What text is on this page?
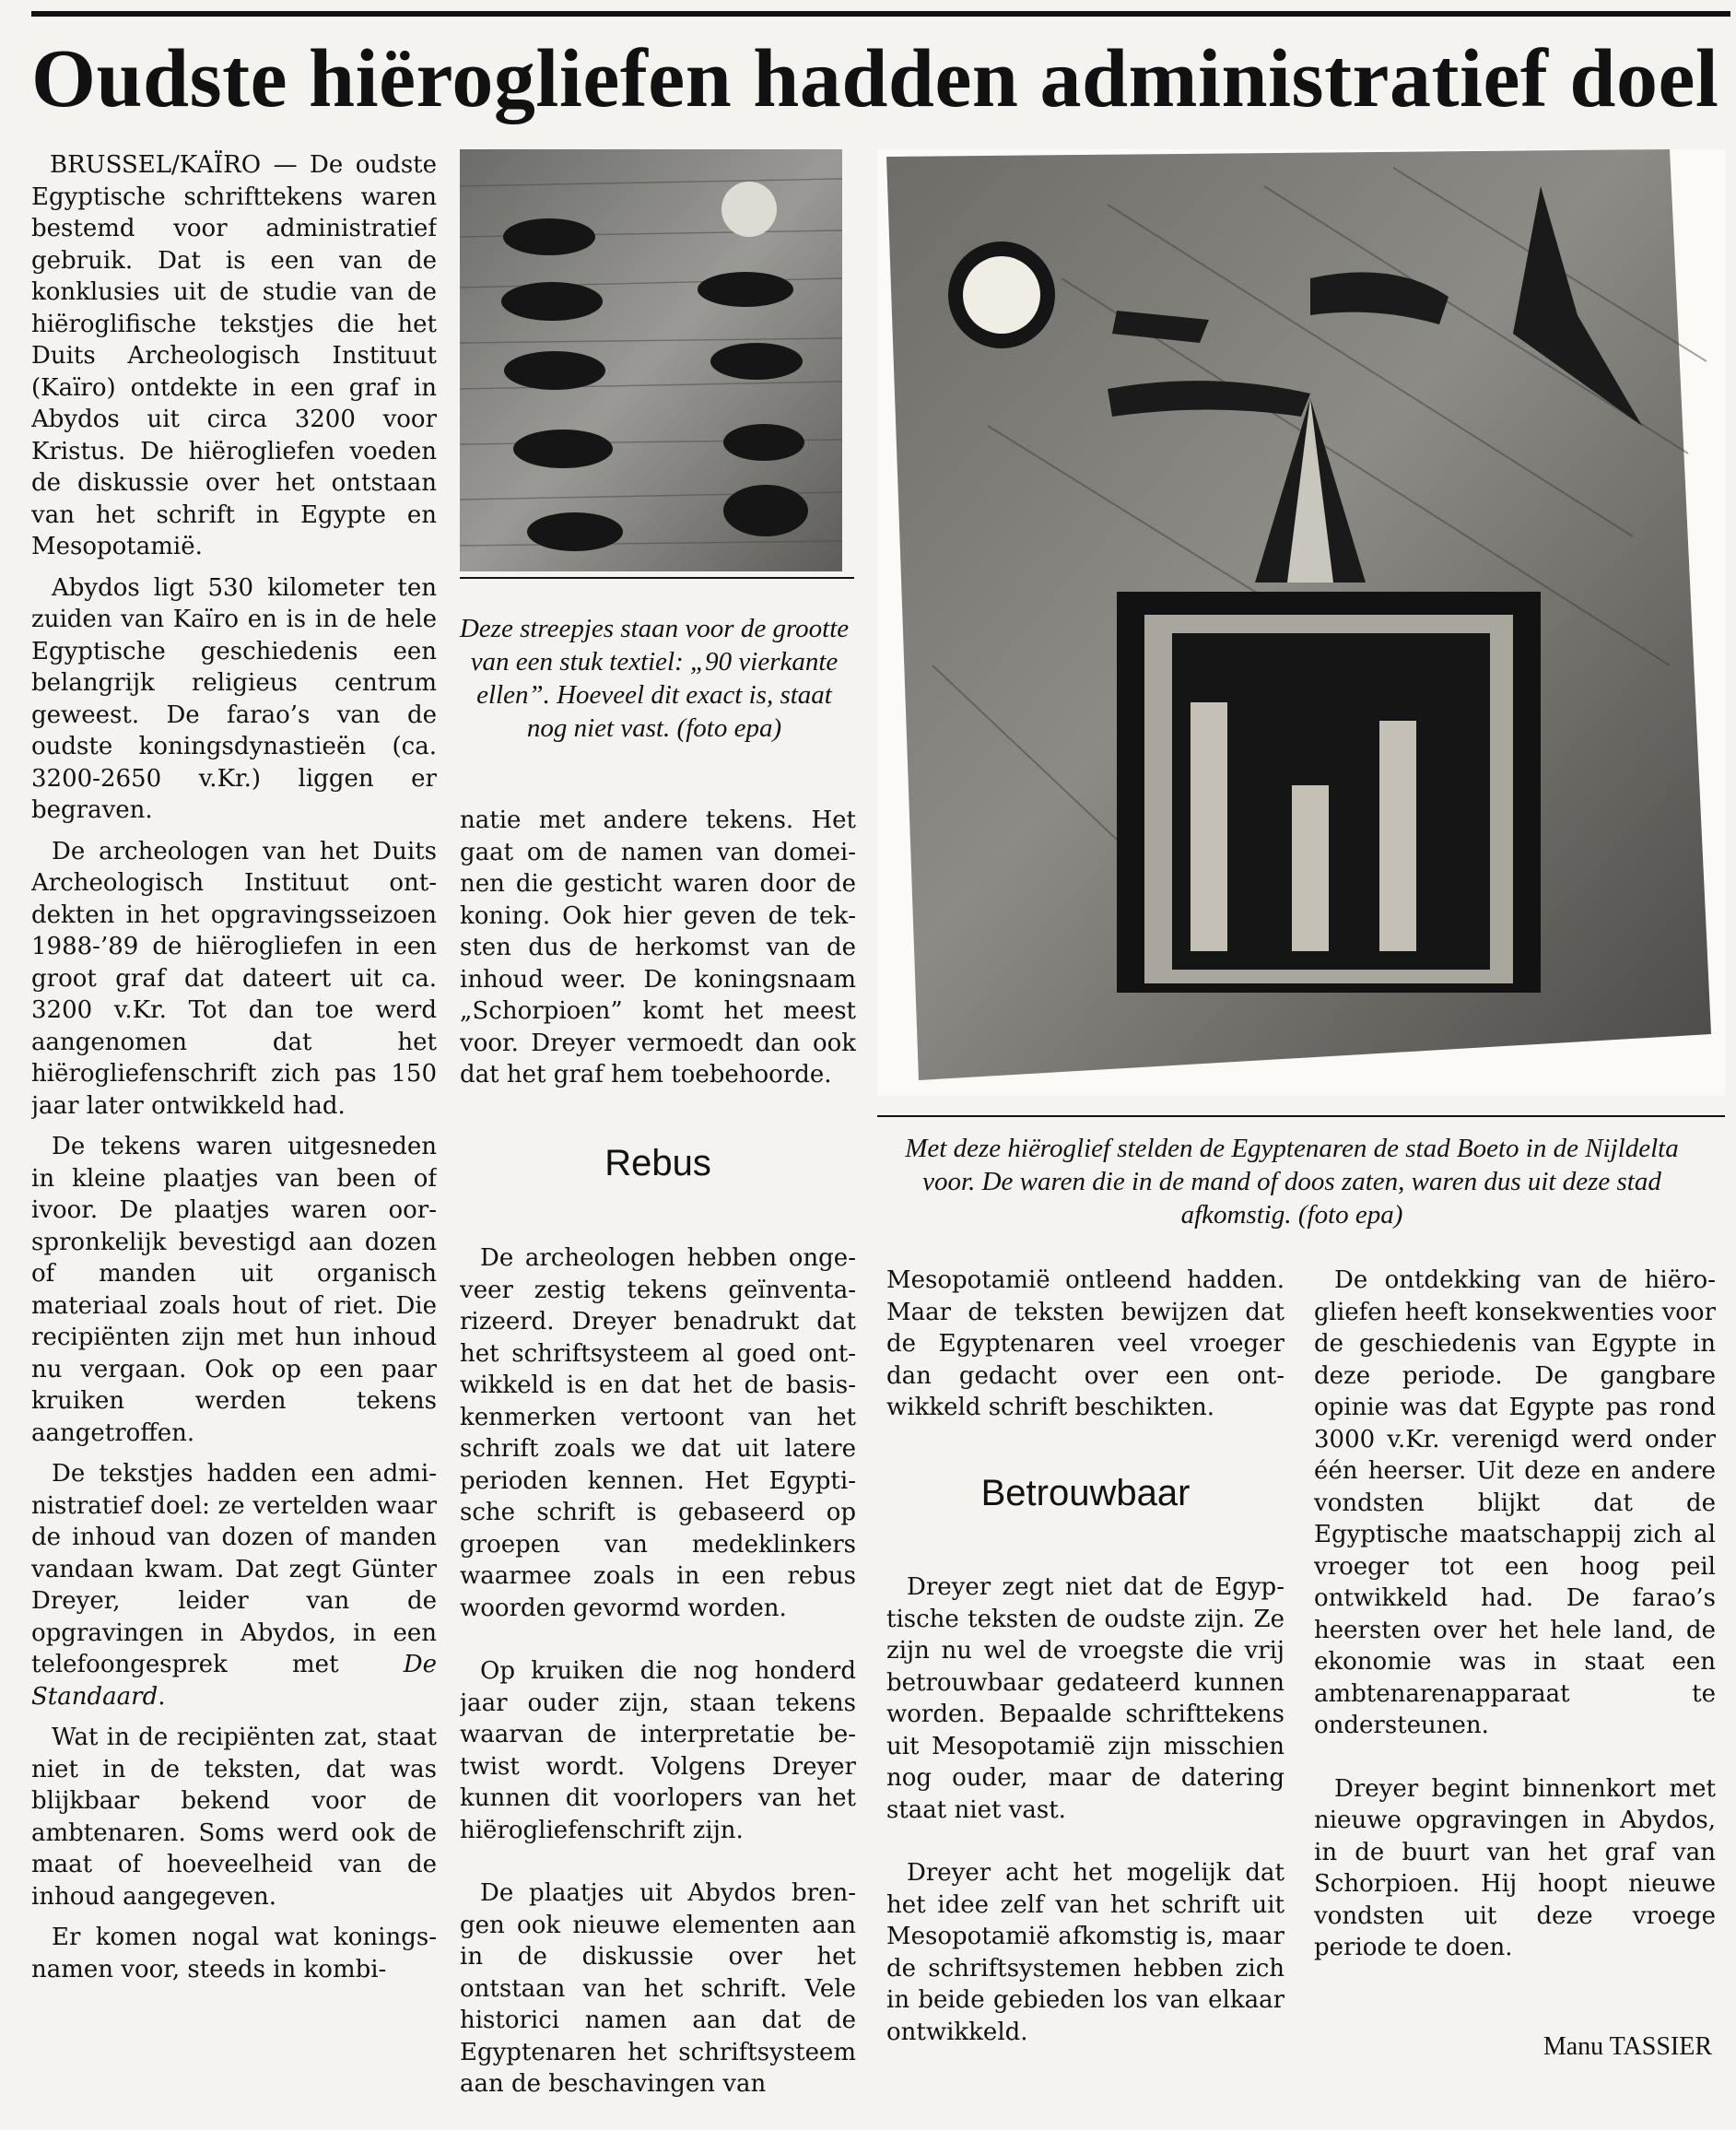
Oudste hiërogliefen hadden administratief doel

BRUSSEL/KAÏRO — De oudste Egyptische schrifttekens waren bestemd voor administratief gebruik. Dat is een van de konklusies uit de studie van de hiëroglifische tekstjes die het Duits Archeologisch Instituut (Kaïro) ontdekte in een graf in Abydos uit circa 3200 voor Kristus. De hiërogliefen voeden de diskussie over het ontstaan van het schrift in Egypte en Mesopotamië.

Abydos ligt 530 kilometer ten zuiden van Kaïro en is in de hele Egyptische geschiedenis een belangrijk religieus centrum geweest. De farao’s van de oudste koningsdynastieën (ca. 3200-2650 v.Kr.) liggen er begraven.

De archeologen van het Duits Archeologisch Instituut ontdekten in het opgravingsseizoen 1988-’89 de hiërogliefen in een groot graf dat dateert uit ca. 3200 v.Kr. Tot dan toe werd aangenomen dat het hiërogliefenschrift zich pas 150 jaar later ontwikkeld had.

De tekens waren uitgesneden in kleine plaatjes van been of ivoor. De plaatjes waren oorspronkelijk bevestigd aan dozen of manden uit organisch materiaal zoals hout of riet. Die recipiënten zijn met hun inhoud nu vergaan. Ook op een paar kruiken werden tekens aangetroffen.

De tekstjes hadden een administratief doel: ze vertelden waar de inhoud van dozen of manden vandaan kwam. Dat zegt Günter Dreyer, leider van de opgravingen in Abydos, in een telefoongesprek met De Standaard.

Wat in de recipiënten zat, staat niet in de teksten, dat was blijkbaar bekend voor de ambtenaren. Soms werd ook de maat of hoeveelheid van de inhoud aangegeven.

Er komen nogal wat koningsnamen voor, steeds in kombi-

Deze streepjes staan voor de grootte van een stuk textiel: „90 vierkante ellen”. Hoeveel dit exact is, staat nog niet vast. (foto epa)

natie met andere tekens. Het gaat om de namen van domeinen die gesticht waren door de koning. Ook hier geven de teksten dus de herkomst van de inhoud weer. De koningsnaam „Schorpioen” komt het meest voor. Dreyer vermoedt dan ook dat het graf hem toebehoorde.

Rebus

De archeologen hebben ongeveer zestig tekens geïnventarizeerd. Dreyer benadrukt dat het schriftsysteem al goed ontwikkeld is en dat het de basiskenmerken vertoont van het schrift zoals we dat uit latere perioden kennen. Het Egyptische schrift is gebaseerd op groepen van medeklinkers waarmee zoals in een rebus woorden gevormd worden.

Op kruiken die nog honderd jaar ouder zijn, staan tekens waarvan de interpretatie betwist wordt. Volgens Dreyer kunnen dit voorlopers van het hiërogliefenschrift zijn.

De plaatjes uit Abydos brengen ook nieuwe elementen aan in de diskussie over het ontstaan van het schrift. Vele historici namen aan dat de Egyptenaren het schriftsysteem aan de beschavingen van

Met deze hiëroglief stelden de Egyptenaren de stad Boeto in de Nijldelta voor. De waren die in de mand of doos zaten, waren dus uit deze stad afkomstig. (foto epa)

Mesopotamië ontleend hadden. Maar de teksten bewijzen dat de Egyptenaren veel vroeger dan gedacht over een ontwikkeld schrift beschikten.

Betrouwbaar

Dreyer zegt niet dat de Egyptische teksten de oudste zijn. Ze zijn nu wel de vroegste die vrij betrouwbaar gedateerd kunnen worden. Bepaalde schrifttekens uit Mesopotamië zijn misschien nog ouder, maar de datering staat niet vast.

Dreyer acht het mogelijk dat het idee zelf van het schrift uit Mesopotamië afkomstig is, maar de schriftsystemen hebben zich in beide gebieden los van elkaar ontwikkeld.

De ontdekking van de hiërogliefen heeft konsekwenties voor de geschiedenis van Egypte in deze periode. De gangbare opinie was dat Egypte pas rond 3000 v.Kr. verenigd werd onder één heerser. Uit deze en andere vondsten blijkt dat de Egyptische maatschappij zich al vroeger tot een hoog peil ontwikkeld had. De farao’s heersten over het hele land, de ekonomie was in staat een ambtenarenapparaat te ondersteunen.

Dreyer begint binnenkort met nieuwe opgravingen in Abydos, in de buurt van het graf van Schorpioen. Hij hoopt nieuwe vondsten uit deze vroege periode te doen.

Manu TASSIER
